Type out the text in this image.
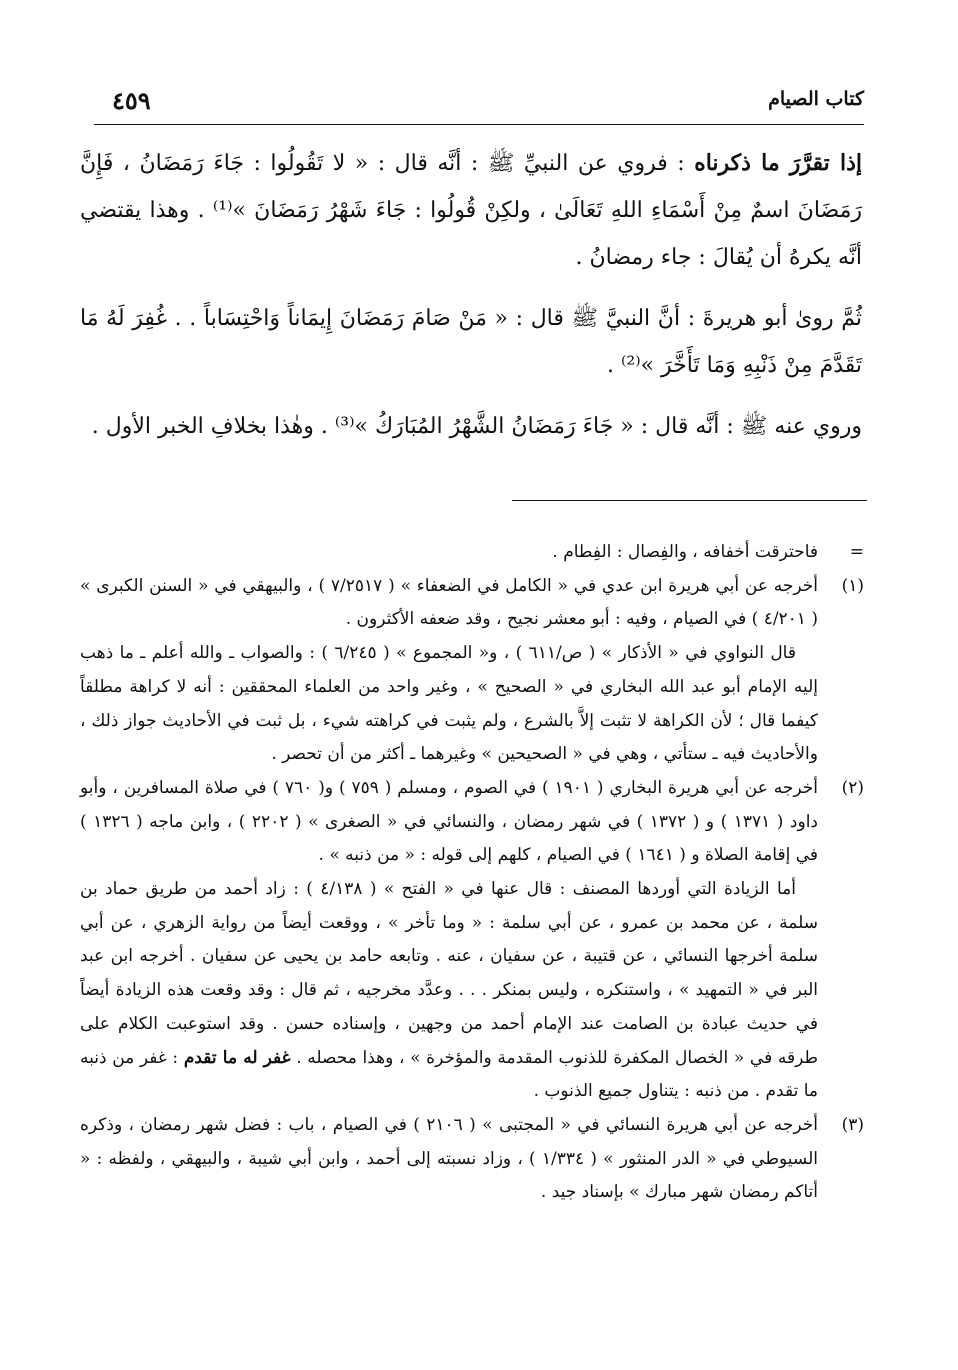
كتاب الصيام
٤٥٩

إذا تقرَّرَ ما ذكرناه : فروي عن النبيِّ ﷺ : أنَّه قال : « لا تَقُولُوا : جَاءَ رَمَضَانُ ، فَإِنَّ رَمَضَانَ اسمٌ مِنْ أَسْمَاءِ اللهِ تَعَالَىٰ ، ولكِنْ قُولُوا : جَاءَ شَهْرُ رَمَضَانَ »⁽¹⁾ . وهذا يقتضي أنَّه يكرهُ أن يُقالَ : جاء رمضانُ .

ثُمَّ روىٰ أبو هريرةَ : أنَّ النبيَّ ﷺ قال : « مَنْ صَامَ رَمَضَانَ إِيمَاناً وَاحْتِسَاباً . . غُفِرَ لَهُ مَا تَقَدَّمَ مِنْ ذَنْبِهِ وَمَا تَأَخَّرَ »⁽²⁾ .

وروي عنه ﷺ : أنَّه قال : « جَاءَ رَمَضَانُ الشَّهْرُ المُبَارَكُ »⁽³⁾ . وهٰذا بخلافِ الخبر الأول .

=

فاحترقت أخفافه ، والفِصال : الفِطام .

(١)

أخرجه عن أبي هريرة ابن عدي في « الكامل في الضعفاء » ( ٧/٢٥١٧ ) ، والبيهقي في « السنن الكبرى » ( ٤/٢٠١ ) في الصيام ، وفيه : أبو معشر نجيح ، وقد ضعفه الأكثرون .

قال النواوي في « الأذكار » ( ص/٦١١ ) ، و« المجموع » ( ٦/٢٤٥ ) : والصواب ـ والله أعلم ـ ما ذهب إليه الإمام أبو عبد الله البخاري في « الصحيح » ، وغير واحد من العلماء المحققين : أنه لا كراهة مطلقاً كيفما قال ؛ لأن الكراهة لا تثبت إلاَّ بالشرع ، ولم يثبت في كراهته شيء ، بل ثبت في الأحاديث جواز ذلك ، والأحاديث فيه ـ ستأتي ، وهي في « الصحيحين » وغيرهما ـ أكثر من أن تحصر .

(٢)

أخرجه عن أبي هريرة البخاري ( ١٩٠١ ) في الصوم ، ومسلم ( ٧٥٩ ) و( ٧٦٠ ) في صلاة المسافرين ، وأبو داود ( ١٣٧١ ) و ( ١٣٧٢ ) في شهر رمضان ، والنسائي في « الصغرى » ( ٢٢٠٢ ) ، وابن ماجه ( ١٣٢٦ ) في إقامة الصلاة و ( ١٦٤١ ) في الصيام ، كلهم إلى قوله : « من ذنبه » .

أما الزيادة التي أوردها المصنف : قال عنها في « الفتح » ( ٤/١٣٨ ) : زاد أحمد من طريق حماد بن سلمة ، عن محمد بن عمرو ، عن أبي سلمة : « وما تأخر » ، ووقعت أيضاً من رواية الزهري ، عن أبي سلمة أخرجها النسائي ، عن قتيبة ، عن سفيان ، عنه . وتابعه حامد بن يحيى عن سفيان . أخرجه ابن عبد البر في « التمهيد » ، واستنكره ، وليس بمنكر . . . وعدَّد مخرجيه ، ثم قال : وقد وقعت هذه الزيادة أيضاً في حديث عبادة بن الصامت عند الإمام أحمد من وجهين ، وإسناده حسن . وقد استوعبت الكلام على طرقه في « الخصال المكفرة للذنوب المقدمة والمؤخرة » ، وهذا محصله . غفر له ما تقدم : غفر من ذنبه ما تقدم . من ذنبه : يتناول جميع الذنوب .

(٣)

أخرجه عن أبي هريرة النسائي في « المجتبى » ( ٢١٠٦ ) في الصيام ، باب : فضل شهر رمضان ، وذكره السيوطي في « الدر المنثور » ( ١/٣٣٤ ) ، وزاد نسبته إلى أحمد ، وابن أبي شيبة ، والبيهقي ، ولفظه : « أتاكم رمضان شهر مبارك » بإسناد جيد .
